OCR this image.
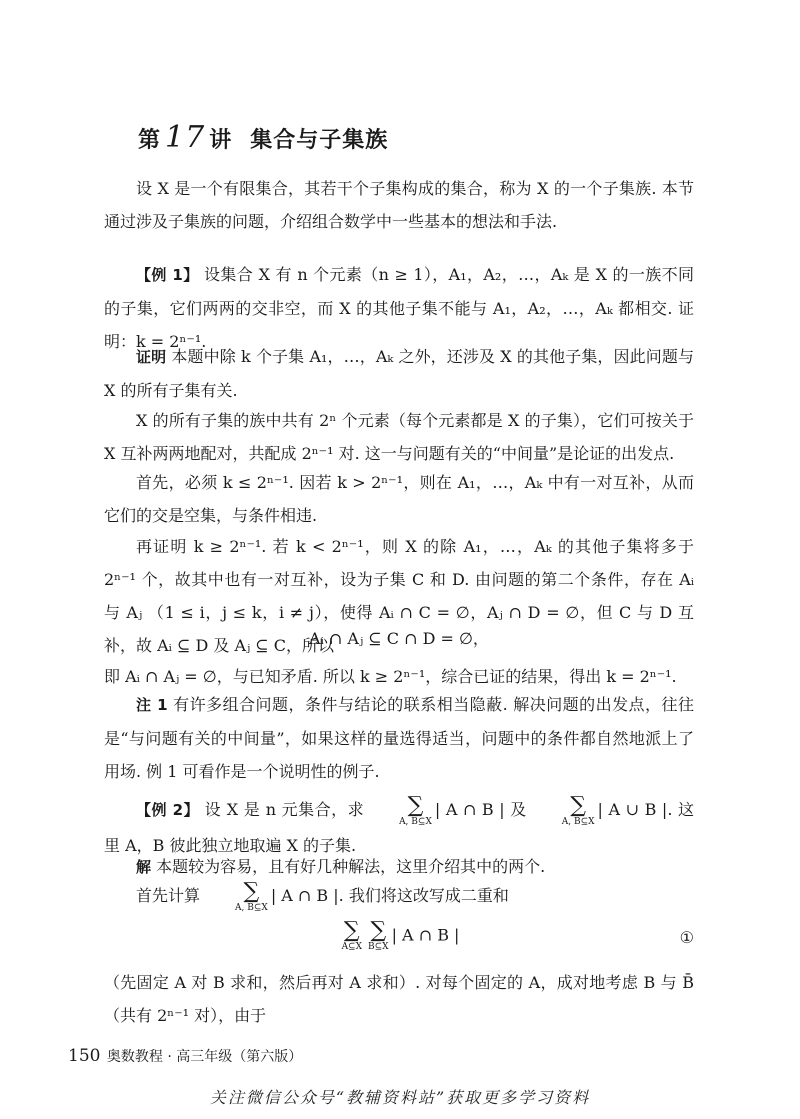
第 17 讲 集合与子集族

设 X 是一个有限集合，其若干个子集构成的集合，称为 X 的一个子集族. 本节通过涉及子集族的问题，介绍组合数学中一些基本的想法和手法.

【例 1】 设集合 X 有 n 个元素（n ≥ 1），A₁，A₂，…，Aₖ 是 X 的一族不同的子集，它们两两的交非空，而 X 的其他子集不能与 A₁，A₂，…，Aₖ 都相交. 证明：k = 2ⁿ⁻¹.

证明 本题中除 k 个子集 A₁，…，Aₖ 之外，还涉及 X 的其他子集，因此问题与 X 的所有子集有关.

X 的所有子集的族中共有 2ⁿ 个元素（每个元素都是 X 的子集），它们可按关于 X 互补两两地配对，共配成 2ⁿ⁻¹ 对. 这一与问题有关的“中间量”是论证的出发点.

首先，必须 k ≤ 2ⁿ⁻¹. 因若 k > 2ⁿ⁻¹，则在 A₁，…，Aₖ 中有一对互补，从而它们的交是空集，与条件相违.

再证明 k ≥ 2ⁿ⁻¹. 若 k < 2ⁿ⁻¹，则 X 的除 A₁，…，Aₖ 的其他子集将多于 2ⁿ⁻¹ 个，故其中也有一对互补，设为子集 C 和 D. 由问题的第二个条件，存在 Aᵢ 与 Aⱼ （1 ≤ i，j ≤ k，i ≠ j），使得 Aᵢ ∩ C = ∅，Aⱼ ∩ D = ∅，但 C 与 D 互补，故 Aᵢ ⊆ D 及 Aⱼ ⊆ C，所以

Aᵢ ∩ Aⱼ ⊆ C ∩ D = ∅，

即 Aᵢ ∩ Aⱼ = ∅，与已知矛盾. 所以 k ≥ 2ⁿ⁻¹，综合已证的结果，得出 k = 2ⁿ⁻¹.

注 1 有许多组合问题，条件与结论的联系相当隐蔽. 解决问题的出发点，往往是“与问题有关的中间量”，如果这样的量选得适当，问题中的条件都自然地派上了用场. 例 1 可看作是一个说明性的例子.

【例 2】 设 X 是 n 元集合，求	∑
A, B⊆X
| A ∩ B | 及	∑
A, B⊆X
| A ∪ B |. 这里 A，B 彼此独立地取遍 X 的子集.

解 本题较为容易，且有好几种解法，这里介绍其中的两个.

首先计算	∑
A, B⊆X
| A ∩ B |. 我们将这改写成二重和

∑
A⊆X
∑
B⊆X
| A ∩ B |	①

（先固定 A 对 B 求和，然后再对 A 求和）. 对每个固定的 A，成对地考虑 B 与 B̄（共有 2ⁿ⁻¹ 对），由于

150 奥数教程 · 高三年级（第六版）
关注微信公众号“教辅资料站”获取更多学习资料
